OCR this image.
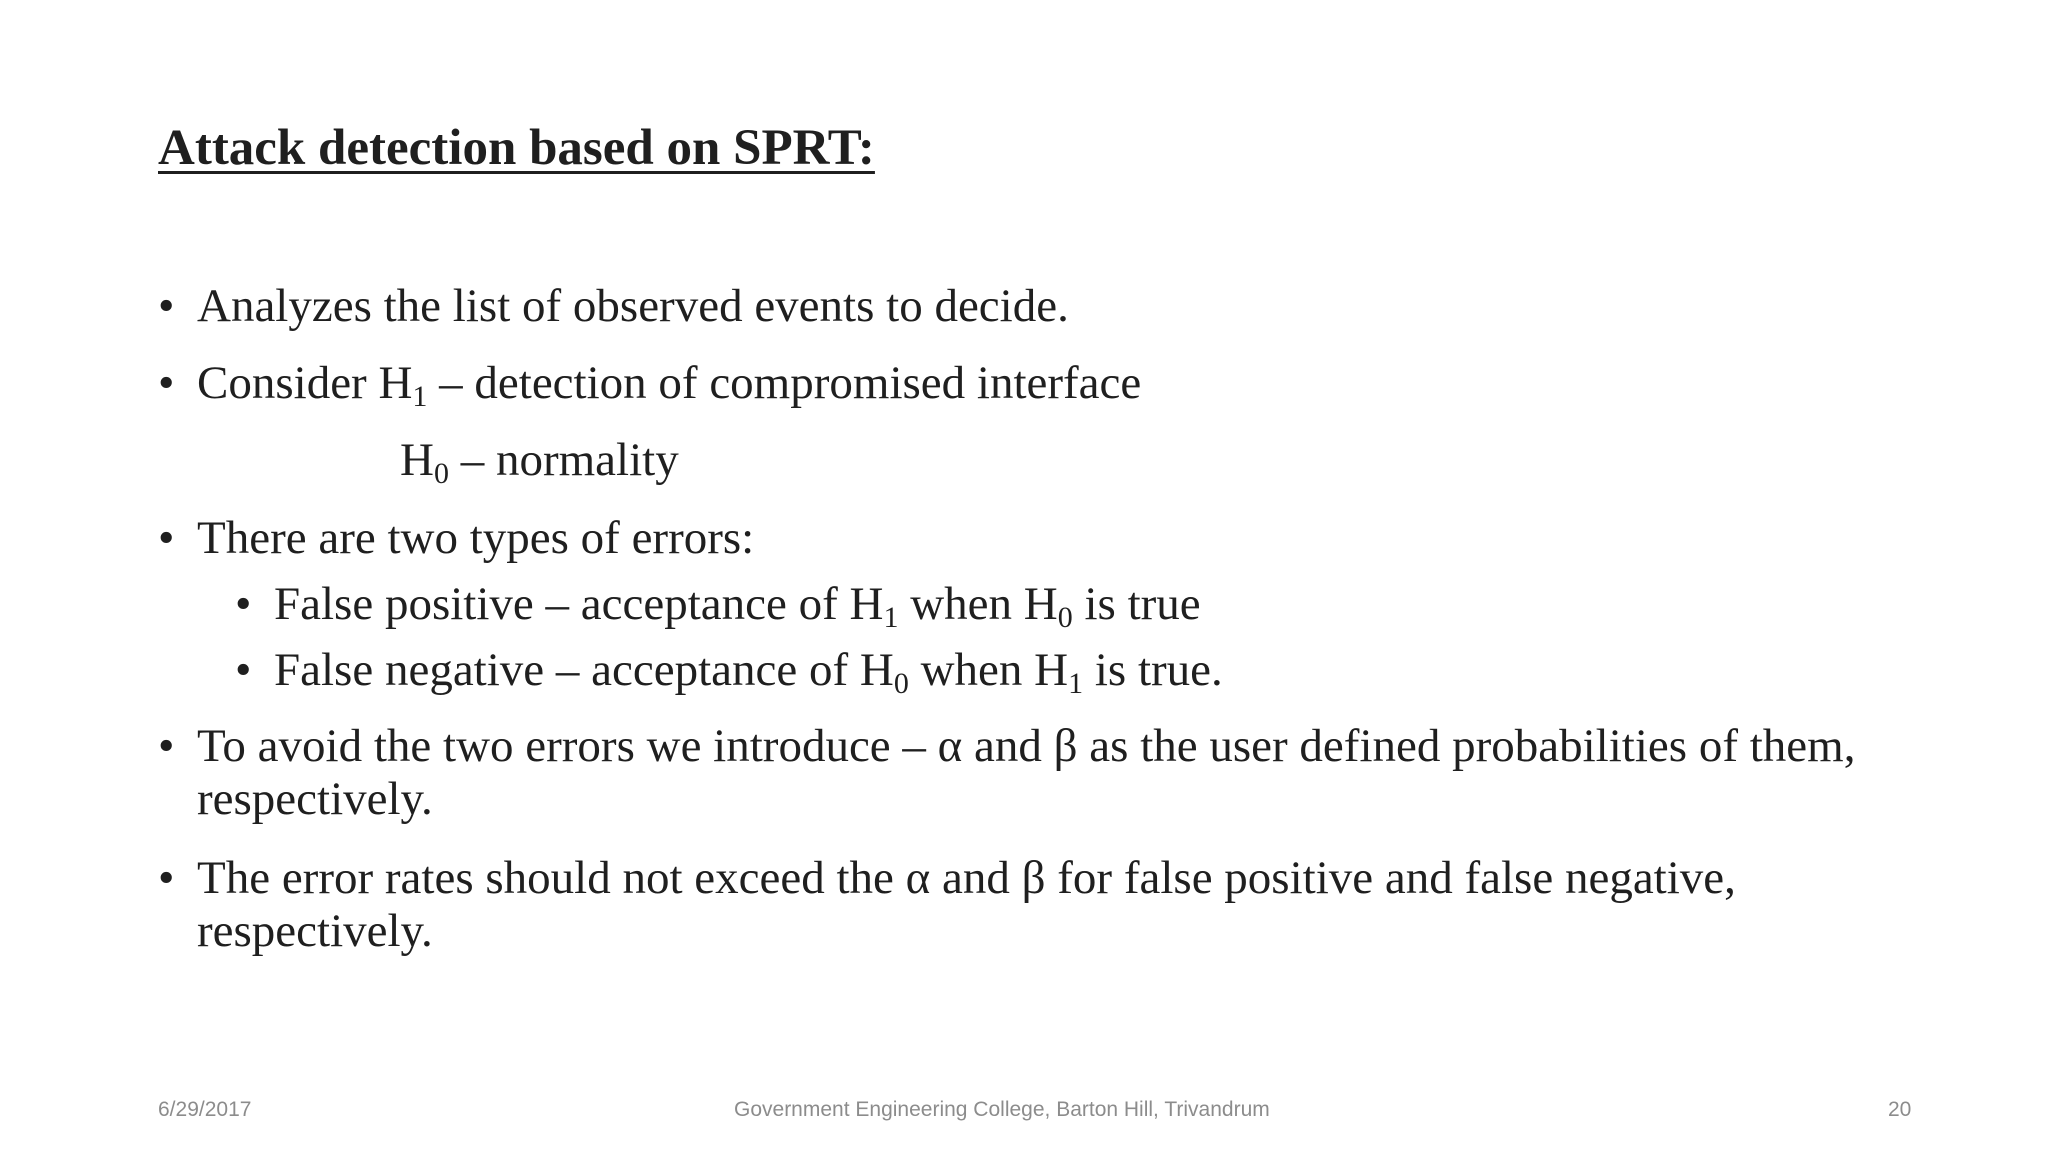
Attack detection based on SPRT:
• Analyzes the list of observed events to decide.
• Consider $H_1$ – detection of compromised interface
$H_0$ – normality
• There are two types of errors:
• False positive – acceptance of $H_1$ when $H_0$ is true
• False negative – acceptance of $H_0$ when $H_1$ is true.
• To avoid the two errors we introduce – α and β as the user defined probabilities of them, respectively.
• The error rates should not exceed the α and β for false positive and false negative, respectively.
6/29/2017	Government Engineering College, Barton Hill, Trivandrum	20
